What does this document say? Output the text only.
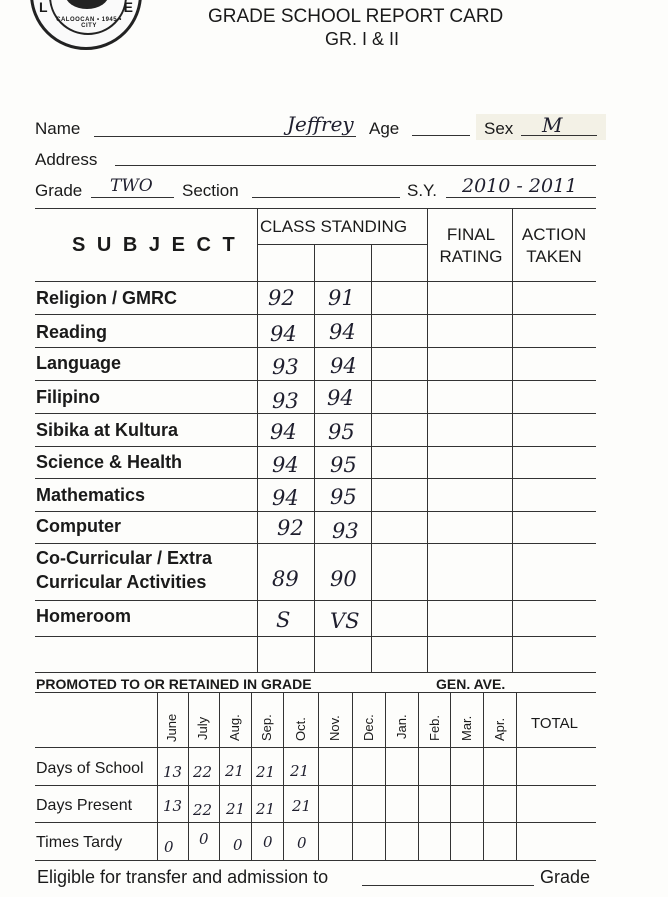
L	E
CALOOCAN • 1945 • CITY	GRADE SCHOOL REPORT CARD
GR. I & II
Name	Jeffrey Age	Sex M
Address
Grade TWO Section	S.Y. 2010 - 2011
S U B J E C T
CLASS STANDING	FINAL RATING
ACTION TAKEN
Religion / GMRC	92 91
Reading	94 94
Language	93 94
Filipino	93 94
Sibika at Kultura	94 95
Science & Health	94 95
Mathematics	94 95
Computer	92 93
Co-Curricular / Extra
Curricular Activities	89 90
Homeroom	S VS
PROMOTED TO OR RETAINED IN GRADE	GEN. AVE.
June July Aug. Sep. Oct. Nov. Dec. Jan. Feb. Mar. Apr. TOTAL
Days of School 13 22 21 21 21
Days Present 13 22 21 21 21
Times Tardy	0 0 0 0 0
Eligible for transfer and admission to	Grade
